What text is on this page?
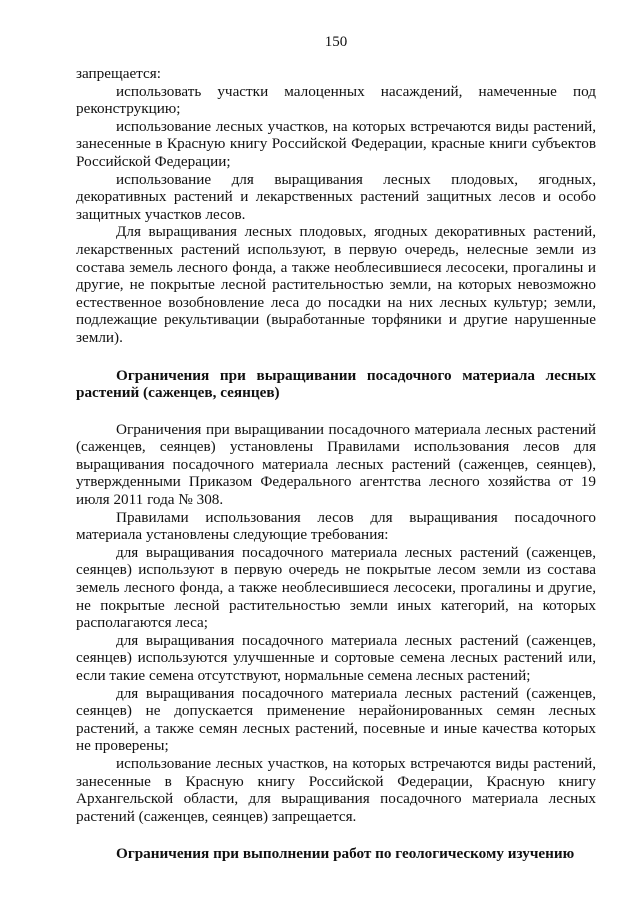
150

запрещается:

использовать участки малоценных насаждений, намеченные под реконструкцию;

использование лесных участков, на которых встречаются виды растений, занесенные в Красную книгу Российской Федерации, красные книги субъектов Российской Федерации;

использование для выращивания лесных плодовых, ягодных, декоративных растений и лекарственных растений защитных лесов и особо защитных участков лесов.

Для выращивания лесных плодовых, ягодных декоративных растений, лекарственных растений используют, в первую очередь, нелесные земли из состава земель лесного фонда, а также необлесившиеся лесосеки, прогалины и другие, не покрытые лесной растительностью земли, на которых невозможно естественное возобновление леса до посадки на них лесных культур; земли, подлежащие рекультивации (выработанные торфяники и другие нарушенные земли).

Ограничения при выращивании посадочного материала лесных растений (саженцев, сеянцев)

Ограничения при выращивании посадочного материала лесных растений (саженцев, сеянцев) установлены Правилами использования лесов для выращивания посадочного материала лесных растений (саженцев, сеянцев), утвержденными Приказом Федерального агентства лесного хозяйства от 19 июля 2011 года № 308.

Правилами использования лесов для выращивания посадочного материала установлены следующие требования:

для выращивания посадочного материала лесных растений (саженцев, сеянцев) используют в первую очередь не покрытые лесом земли из состава земель лесного фонда, а также необлесившиеся лесосеки, прогалины и другие, не покрытые лесной растительностью земли иных категорий, на которых располагаются леса;

для выращивания посадочного материала лесных растений (саженцев, сеянцев) используются улучшенные и сортовые семена лесных растений или, если такие семена отсутствуют, нормальные семена лесных растений;

для выращивания посадочного материала лесных растений (саженцев, сеянцев) не допускается применение нерайонированных семян лесных растений, а также семян лесных растений, посевные и иные качества которых не проверены;

использование лесных участков, на которых встречаются виды растений, занесенные в Красную книгу Российской Федерации, Красную книгу Архангельской области, для выращивания посадочного материала лесных растений (саженцев, сеянцев) запрещается.

Ограничения при выполнении работ по геологическому изучению
